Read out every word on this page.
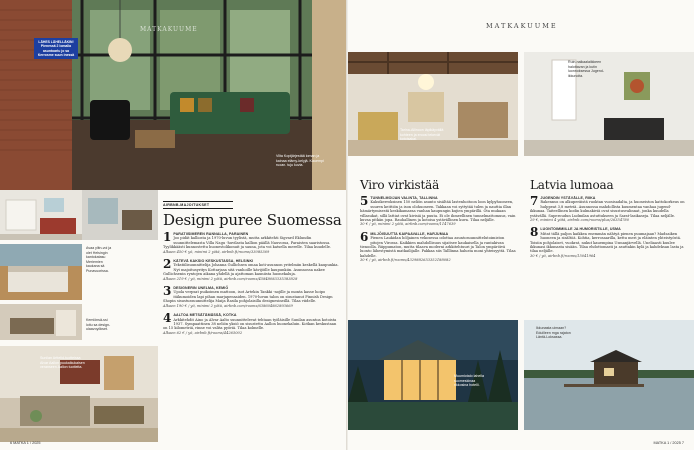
LÄHES LÄHELLÄKIN! Pienessä 2 lomalla asuntoarlu jo sa Kerrosme suun inessä
MATKAKUUME
Vilta Kopijärjestää loman ja kainaa elämy-kelyjä. Kauempi ruoan. tuju kuvia.
Avaa ylitn-voi ja olet Helsingin kantokatasu Meriemien kaukana sä Punavuorissa.
Kemiönsä-ssi loitu sa design-ulaavoyökset.
Sunilan Arttelid-tuotteissa Alvar Aallon puukaikukaisen veranseen Aallon tuotteita.
AIRBNB-MAJOITUKSET
Design puree Suomessa
1 PARATIISIMEREN RANNALLA, PARAINEN
Joo pidät kalliosta ja 1970-luvun tyylistä, mutta arkkitehti Sigvard Eklundin suunnittelemasta Villa Nagu -huvilasta kallion päällä Nauvossa, Paraisten saaristossa. Tyylikkäästi kunnostettu huonestolikonuit ja sauna, jota voi katsella merelle. Tilaa kuudelle.
Alkaen 450 € yö, minimi 2 yötä, airbnb.fi/rooms/33085369
2 KÄTEVÄ KAKSIO KESKUSTASSA, HELSINKI
Tekstiilisuunnittelija Johanna Gullichsen omaa koti-asunnon yritelmiin keskellä kaupunkia. Nyt majoitusyritys Kottarjasa sitä vanhoille kävijöille kaupunkiin. Asunnossa nakee Gullichsenin ryntojen aikana yhdellä ja ajattoman kauniista huonekaluja.
Alkaen 219 € / yö, minimi 2 yötä, airbnb.com/rooms/45848083335383828
3 DESIGNERIN UNELMA, KEMIÖ
Upola verpsat puikoimen mattoon, isot Artekin Tankki -nojille ja monta kasse hoipo itäkumoiden lapi pihan marjapensaiden. 1970-luvun talon on sisustanut Finnish Design Shopin sisustussuunnittelija Maija Rasila pohjolaisilla designesineillä. Tilaa viidelle.
Alkaen 190 € / yö, minimi 2 yötä, airbnb.com/rooms/638604862893669
4 AALTOA METSÄTÄMÄSSÄ, KOTKA
Arkkitehdit Aino ja Alvar Aalto suunnittelevat tehtaan työläisille Sunilan asuntoa kotoista 1937. Sympaattinen 38 neliön yksiö on sisustettu Aallon huonekaluin. Kotkan keskustaan on 15 kilometriä, rinne voi valita pyöriä. Tilaa kolmelle.
Alkaen 62 € / yö, airbnb.fi/rooms/44265002
6 MATKA 1 / 2025
MATKAKUUME
Tarina-Allinoon läpikäyvällä kohteen ja eroosi tekevät kotoisakai.
Ruin-nalkaalaiikkeen halottavan ja kutin luonnoksessa Jugend-ikkunoita.
Viro virkistää
5 TUNNELMOIJAN VALINTA, TALLINNA
Kaksikerroksinen 150 neliön asunto sisältää lastenhoitoon loon kylpyhuoneen, suuren keittiön ja ison olohuoneen. Takkaan voi syttytää tulen ja nauttia illan hämärtymisestä keskikamaraa vanhan kaupungin kujien ympärillä. Ota mukaan villasukat, sillä lattiat ovat kivisiä ja puuta. Ei ole ihmeellinen tunnelmattomuus, vain kuvaa pitkän jopa. Rauhallinen ja kotoisa ystävällinen kuva. Tilaa neljälle.
30 € / yö, minimi 2 yötä, airbnb.com/rooms/1147639
6 MILJÖISUUTTA KAIPAAVALLE, HARJUMAA
Pienen Laukidan höljainen vekosessa odottaa asuntosuunnittelutoimiston pitojen Virossa. Kaikkien mahdollisuus sijaitsee kaukaisella ja rantakivan tienoolla. Riippumaton, mutta tilaava moderni arkkitehtuuri ja Talon ympäröivä luonto lähestymistä matkailijalle. Pakkaa siis Talllinna halusta moni yhteisyyttä. Tilaa kahdelle.
30 € / yö, airbnb.fi/rooms/4329882653352188082
Latvia lumoaa
7 JUGENDIN YSTÄVÄLLE, RIIKA
Rakennus on alkuperäistä ruoktan vuosisadalta, ja huoneiston kattokorkeus on hulppeat 3,8 metriä. Asunnossa mahdollista kuumentaa vanhaa jugend-ikkunaa. Taiteellinen kodin kulmakiviä ovat sisustusvalinnat, jonka kuudella ystävällä. Superoudun Ludmilan astuttukseen ja Sarat-lasikaseja. Tilaa neljälle.
29 €, minimi 4 yötä, airbnb.com/rooms/plus/26354780
8 LUONTOIMMIILLE JA HUMORISTILLE, USMA
Mitat tällä paljon kaikkea enemmän nähtyä pienen puumajaan? Madsaiken huoneen ja sisältöä. Kohtia, kerrosaarilla, kettu meri ja eläinten yhteistyöstä. Toisiin pohjolaiset, vuokrat, nukut kauempina Usmanjärvellä. Uneliaasti kuulee ikkunasi ikkunasta sisään. Tilaa ehdottomasti ja asuttakin kylä ja kahdeksan lasta ja tilaa neljälle.
30 € / yö, airbnb.fi/rooms/15041964
Muumiotalo lahella suomeskinaa rikkosina hotelli.
Ikkunasta uimaan? Eduilleen mga rajaton Läntä-Loksassa.
MATKA 1 / 2025 7
